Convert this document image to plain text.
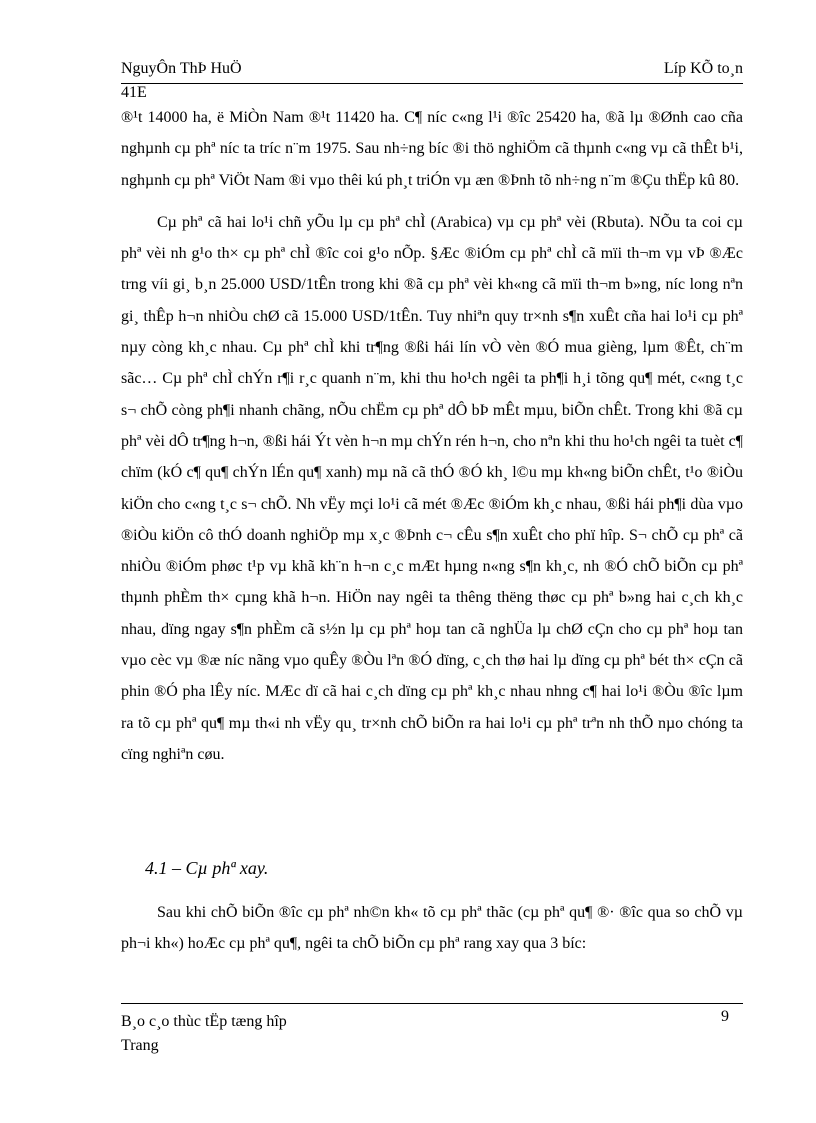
NguyÔn ThÞ HuÖ	Líp KÕ to¸n
41E

®¹t 14000 ha, ë MiÒn Nam ®¹t 11420 ha. C¶ níc c«ng l¹i ®îc 25420 ha, ®ã lµ ®Ønh cao cña nghµnh cµ phª níc ta tríc n¨m 1975. Sau nh÷ng bíc ®i thö nghiÖm cã thµnh c«ng vµ cã thÊt b¹i, nghµnh cµ phª ViÖt Nam ®i vµo thêi kú ph¸t triÓn vµ æn ®Þnh tõ nh÷ng n¨m ®Çu thËp kû 80.

Cµ phª cã hai lo¹i chñ yÕu lµ cµ phª chÌ (Arabica) vµ cµ phª vèi (Rbuta). NÕu ta coi cµ phª vèi nh g¹o th× cµ phª chÌ ®îc coi g¹o nÕp. §Æc ®iÓm cµ phª chÌ cã mïi th¬m vµ vÞ ®Æc trng víi gi¸ b¸n 25.000 USD/1tÊn trong khi ®ã cµ phª vèi kh«ng cã mïi th¬m b»ng, níc long nªn gi¸ thÊp h¬n nhiÒu chØ cã 15.000 USD/1tÊn. Tuy nhiªn quy tr×nh s¶n xuÊt cña hai lo¹i cµ phª nµy còng kh¸c nhau. Cµ phª chÌ khi tr¶ng ®ßi hái lín vÒ vèn ®Ó mua gièng, lµm ®Êt, ch¨m sãc… Cµ phª chÌ chÝn r¶i r¸c quanh n¨m, khi thu ho¹ch ngêi ta ph¶i h¸i tõng qu¶ mét, c«ng t¸c s¬ chÕ còng ph¶i nhanh chãng, nÕu chËm cµ phª dÔ bÞ mÊt mµu, biÕn chÊt. Trong khi ®ã cµ phª vèi dÔ tr¶ng h¬n, ®ßi hái Ýt vèn h¬n mµ chÝn rén h¬n, cho nªn khi thu ho¹ch ngêi ta tuèt c¶ chïm (kÓ c¶ qu¶ chÝn lÉn qu¶ xanh) mµ nã cã thÓ ®Ó kh¸ l©u mµ kh«ng biÕn chÊt, t¹o ®iÒu kiÖn cho c«ng t¸c s¬ chÕ. Nh vËy mçi lo¹i cã mét ®Æc ®iÓm kh¸c nhau, ®ßi hái ph¶i dùa vµo ®iÒu kiÖn cô thÓ doanh nghiÖp mµ x¸c ®Þnh c¬ cÊu s¶n xuÊt cho phï hîp. S¬ chÕ cµ phª cã nhiÒu ®iÓm phøc t¹p vµ khã kh¨n h¬n c¸c mÆt hµng n«ng s¶n kh¸c, nh ®Ó chÕ biÕn cµ phª thµnh phÈm th× cµng khã h¬n. HiÖn nay ngêi ta thêng thëng thøc cµ phª b»ng hai c¸ch kh¸c nhau, dïng ngay s¶n phÈm cã s½n lµ cµ phª hoµ tan cã nghÜa lµ chØ cÇn cho cµ phª hoµ tan vµo cèc vµ ®æ níc nãng vµo quÊy ®Òu lªn ®Ó dïng, c¸ch thø hai lµ dïng cµ phª bét th× cÇn cã phin ®Ó pha lÊy níc. MÆc dï cã hai c¸ch dïng cµ phª kh¸c nhau nhng c¶ hai lo¹i ®Òu ®îc lµm ra tõ cµ phª qu¶ mµ th«i nh vËy qu¸ tr×nh chÕ biÕn ra hai lo¹i cµ phª trªn nh thÕ nµo chóng ta cïng nghiªn cøu.

4.1 – Cµ phª xay.

Sau khi chÕ biÕn ®îc cµ phª nh©n kh« tõ cµ phª thãc (cµ phª qu¶ ®· ®îc qua so chÕ vµ ph¬i kh«) hoÆc cµ phª qu¶, ngêi ta chÕ biÕn cµ phª rang xay qua 3 bíc:

B¸o c¸o thùc tËp tæng hîp
Trang
9
